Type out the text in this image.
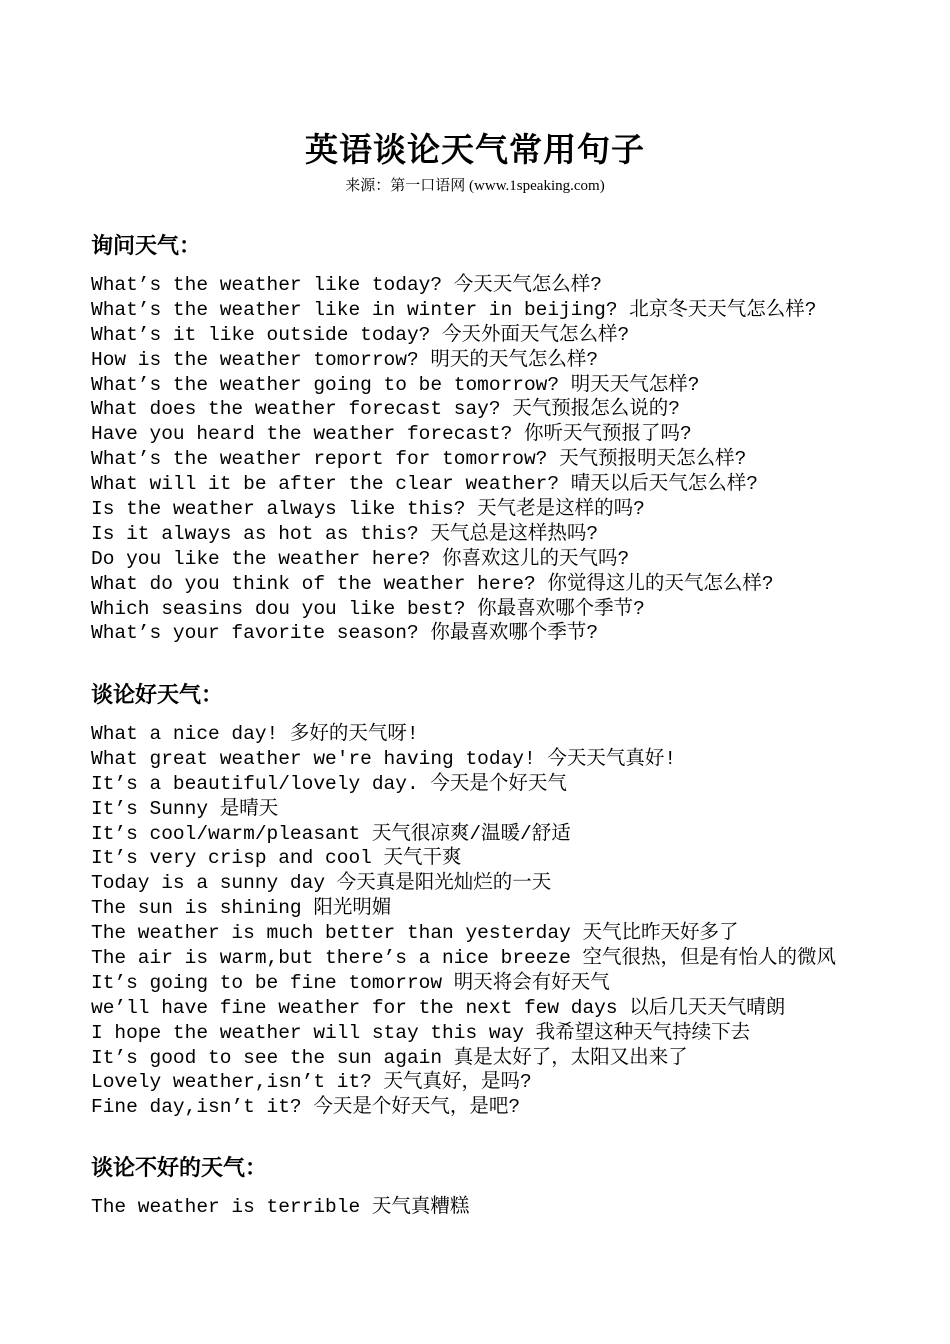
英语谈论天气常用句子
来源：第一口语网 (www.1speaking.com)
询问天气：
What’s the weather like today? 今天天气怎么样?
What’s the weather like in winter in beijing? 北京冬天天气怎么样?
What’s it like outside today? 今天外面天气怎么样?
How is the weather tomorrow? 明天的天气怎么样?
What’s the weather going to be tomorrow? 明天天气怎样?
What does the weather forecast say? 天气预报怎么说的?
Have you heard the weather forecast? 你听天气预报了吗?
What’s the weather report for tomorrow? 天气预报明天怎么样?
What will it be after the clear weather? 晴天以后天气怎么样?
Is the weather always like this? 天气老是这样的吗?
Is it always as hot as this? 天气总是这样热吗?
Do you like the weather here? 你喜欢这儿的天气吗?
What do you think of the weather here? 你觉得这儿的天气怎么样?
Which seasins dou you like best? 你最喜欢哪个季节?
What’s your favorite season? 你最喜欢哪个季节?
谈论好天气：
What a nice day! 多好的天气呀!
What great weather we're having today! 今天天气真好!
It’s a beautiful/lovely day. 今天是个好天气
It’s Sunny 是晴天
It’s cool/warm/pleasant 天气很凉爽/温暖/舒适
It’s very crisp and cool 天气干爽
Today is a sunny day 今天真是阳光灿烂的一天
The sun is shining 阳光明媚
The weather is much better than yesterday 天气比昨天好多了
The air is warm,but there’s a nice breeze 空气很热，但是有怡人的微风
It’s going to be fine tomorrow 明天将会有好天气
we’ll have fine weather for the next few days 以后几天天气晴朗
I hope the weather will stay this way 我希望这种天气持续下去
It’s good to see the sun again 真是太好了，太阳又出来了
Lovely weather,isn’t it? 天气真好，是吗?
Fine day,isn’t it? 今天是个好天气，是吧?
谈论不好的天气：
The weather is terrible 天气真糟糕
